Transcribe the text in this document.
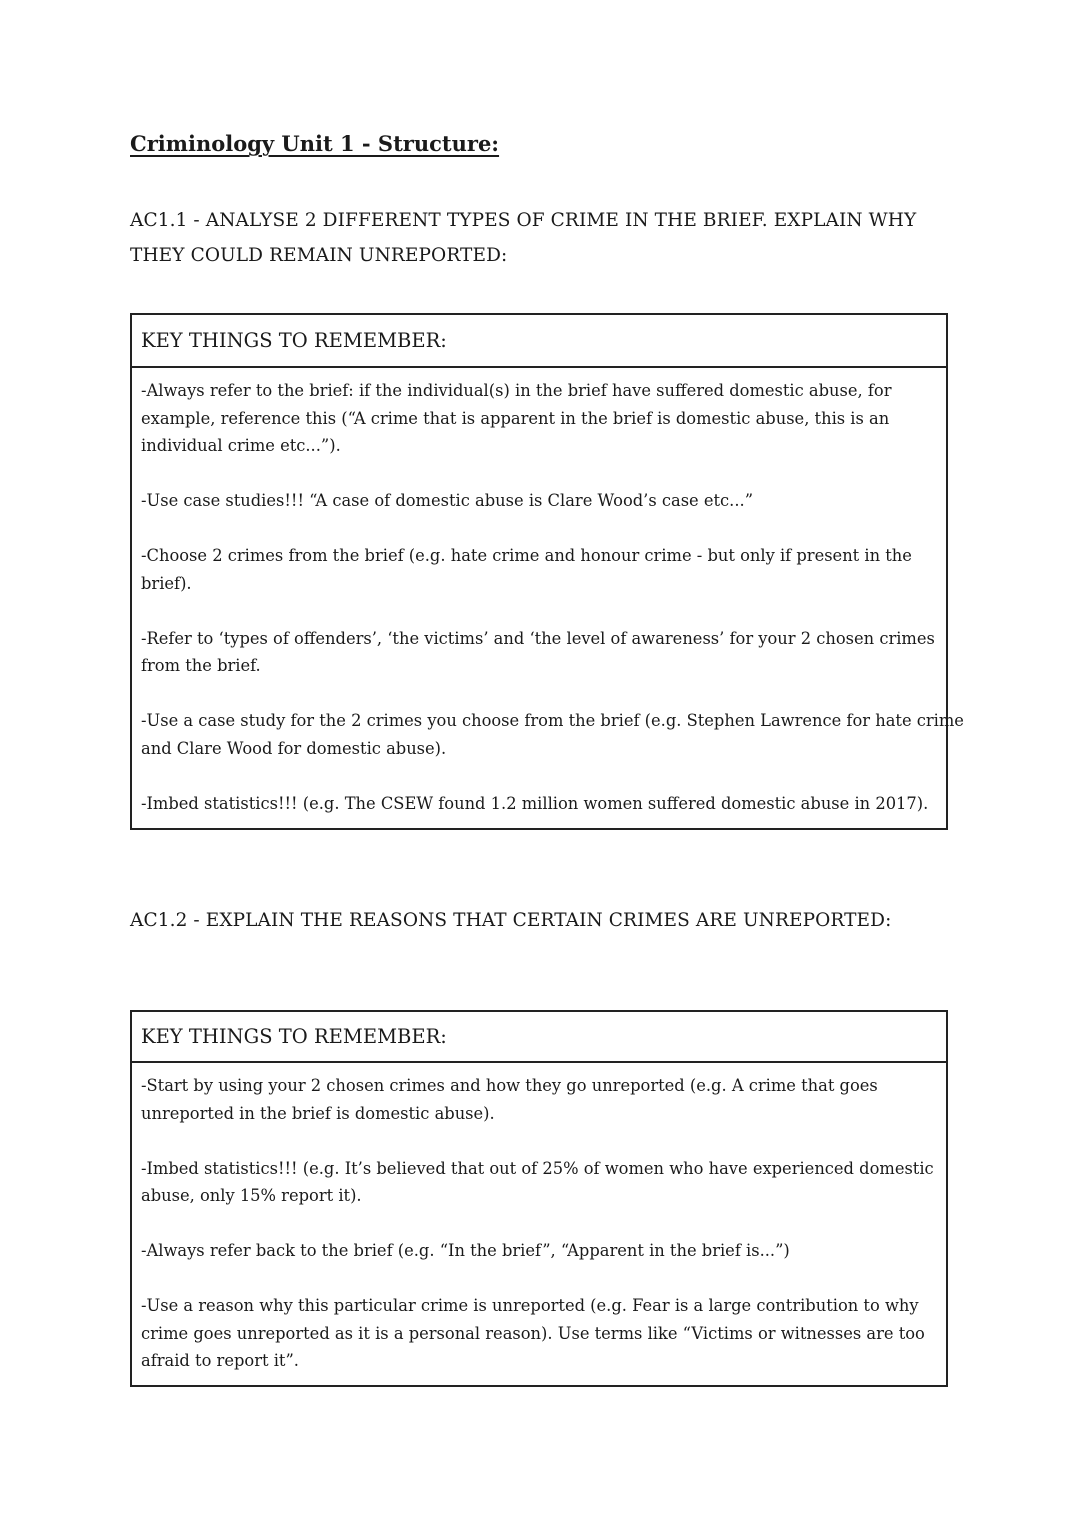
Criminology Unit 1 - Structure:
AC1.1 - ANALYSE 2 DIFFERENT TYPES OF CRIME IN THE BRIEF. EXPLAIN WHY
THEY COULD REMAIN UNREPORTED:
KEY THINGS TO REMEMBER:

-Always refer to the brief: if the individual(s) in the brief have suffered domestic abuse, for

example, reference this (“A crime that is apparent in the brief is domestic abuse, this is an

individual crime etc...”).

-Use case studies!!! “A case of domestic abuse is Clare Wood’s case etc...”

-Choose 2 crimes from the brief (e.g. hate crime and honour crime - but only if present in the

brief).

-Refer to ‘types of offenders’, ‘the victims’ and ‘the level of awareness’ for your 2 chosen crimes

from the brief.

-Use a case study for the 2 crimes you choose from the brief (e.g. Stephen Lawrence for hate crime

and Clare Wood for domestic abuse).

-Imbed statistics!!! (e.g. The CSEW found 1.2 million women suffered domestic abuse in 2017).

AC1.2 - EXPLAIN THE REASONS THAT CERTAIN CRIMES ARE UNREPORTED:
KEY THINGS TO REMEMBER:

-Start by using your 2 chosen crimes and how they go unreported (e.g. A crime that goes

unreported in the brief is domestic abuse).

-Imbed statistics!!! (e.g. It’s believed that out of 25% of women who have experienced domestic

abuse, only 15% report it).

-Always refer back to the brief (e.g. “In the brief”, “Apparent in the brief is...”)

-Use a reason why this particular crime is unreported (e.g. Fear is a large contribution to why

crime goes unreported as it is a personal reason). Use terms like “Victims or witnesses are too

afraid to report it”.
